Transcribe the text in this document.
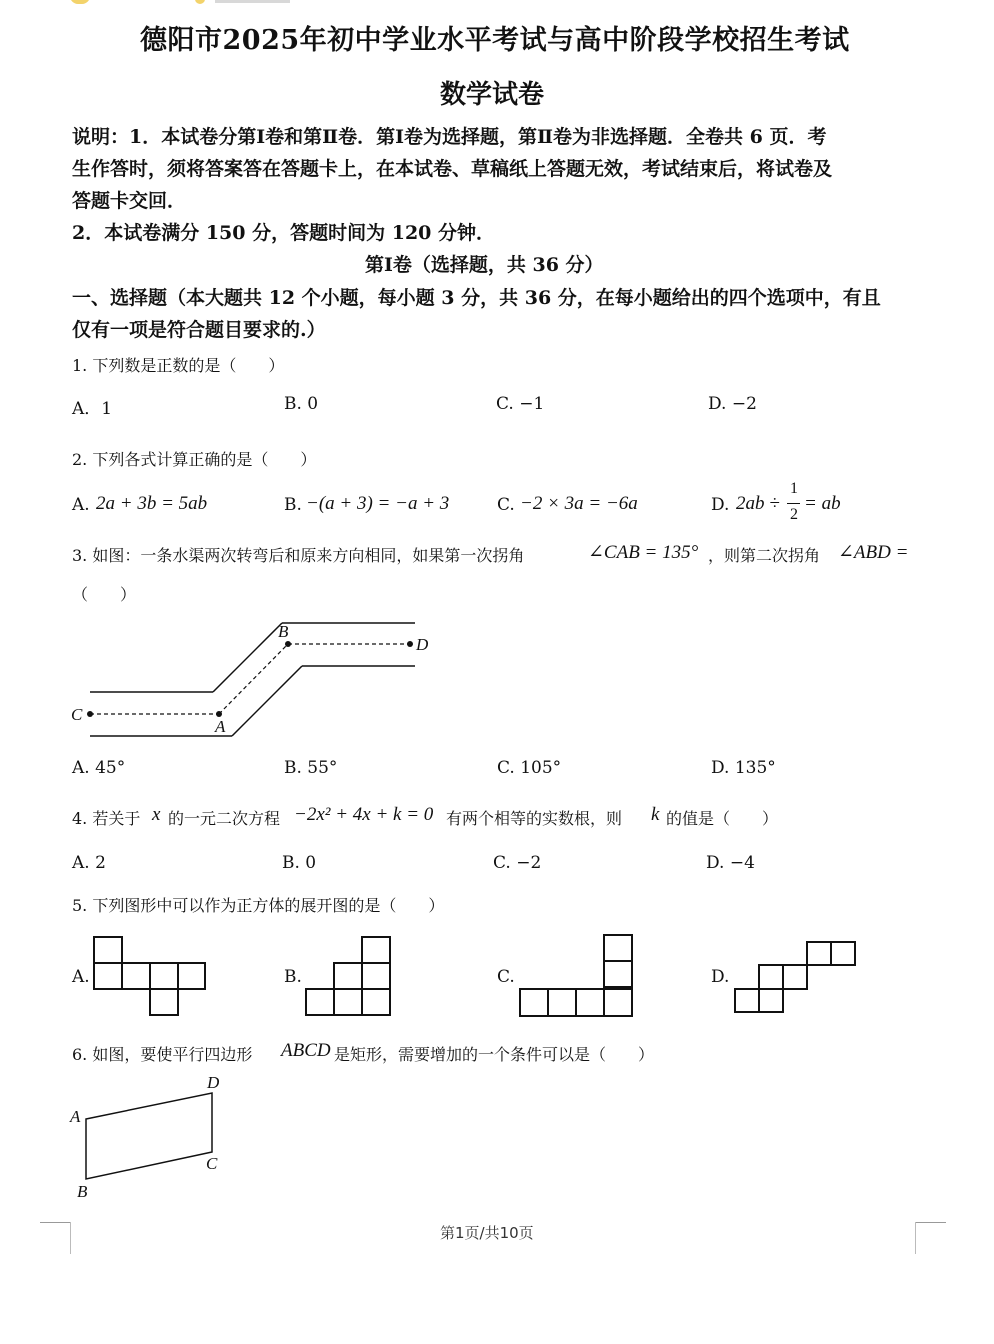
德阳市2025年初中学业水平考试与高中阶段学校招生考试
数学试卷
说明：1．本试卷分第Ⅰ卷和第Ⅱ卷．第Ⅰ卷为选择题，第Ⅱ卷为非选择题．全卷共 6 页．考
生作答时，须将答案答在答题卡上，在本试卷、草稿纸上答题无效，考试结束后，将试卷及
答题卡交回．
2．本试卷满分 150 分，答题时间为 120 分钟．
第Ⅰ卷（选择题，共 36 分）
一、选择题（本大题共 12 个小题，每小题 3 分，共 36 分，在每小题给出的四个选项中，有且
仅有一项是符合题目要求的.）
1. 下列数是正数的是（　　）
A．1	B. 0	C. −1	D. −2
2. 下列各式计算正确的是（　　）
A. 2a + 3b = 5ab	B. −(a + 3) = −a + 3	C. −2 × 3a = −6a	D. 2ab ÷
1
2
= ab
3. 如图：一条水渠两次转弯后和原来方向相同，如果第一次拐角	∠CAB = 135° ，则第二次拐角 ∠ABD =
（　　）
C
A
B
D
A. 45°	B. 55°	C. 105°	D. 135°
4. 若关于 x 的一元二次方程 −2x² + 4x + k = 0 有两个相等的实数根，则 k 的值是（　　）
A. 2	B. 0	C. −2	D. −4
5. 下列图形中可以作为正方体的展开图的是（　　）
A.	B.	C.	D.
6. 如图，要使平行四边形 ABCD 是矩形，需要增加的一个条件可以是（　　）
A
B
C
D
第1页/共10页
